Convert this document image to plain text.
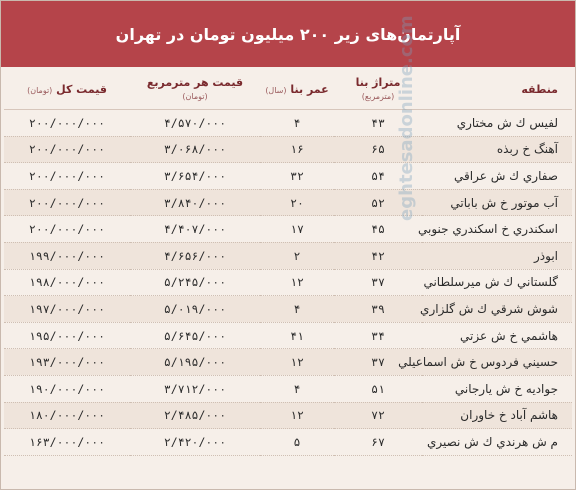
آپارتمان‌های زیر ۲۰۰ میلیون تومان در تهران
منطقه	متراژ بنا (مترمربع)	عمر بنا (سال)	قیمت هر مترمربع (تومان)	قیمت کل (تومان)
لفیس ك ش مختاري	۴۳	۴	۴/۵۷۰/۰۰۰	۲۰۰/۰۰۰/۰۰۰
آهنگ خ ربذه	۶۵	۱۶	۳/۰۶۸/۰۰۰	۲۰۰/۰۰۰/۰۰۰
صفاري ك ش عراقي	۵۴	۳۲	۳/۶۵۴/۰۰۰	۲۰۰/۰۰۰/۰۰۰
آب موتور خ ش باباتي	۵۲	۲۰	۳/۸۴۰/۰۰۰	۲۰۰/۰۰۰/۰۰۰
اسكندري خ اسكندري جنوبي	۴۵	۱۷	۴/۴۰۷/۰۰۰	۲۰۰/۰۰۰/۰۰۰
ابوذر	۴۲	۲	۴/۶۵۶/۰۰۰	۱۹۹/۰۰۰/۰۰۰
گلستاني ك ش ميرسلطاني	۳۷	۱۲	۵/۲۴۵/۰۰۰	۱۹۸/۰۰۰/۰۰۰
شوش شرقي ك ش گلزاري	۳۹	۴	۵/۰۱۹/۰۰۰	۱۹۷/۰۰۰/۰۰۰
هاشمي خ ش عزتي	۳۴	۴۱	۵/۶۴۵/۰۰۰	۱۹۵/۰۰۰/۰۰۰
حسيني فردوس خ ش اسماعيلي	۳۷	۱۲	۵/۱۹۵/۰۰۰	۱۹۳/۰۰۰/۰۰۰
جواديه خ ش يارجاني	۵۱	۴	۳/۷۱۲/۰۰۰	۱۹۰/۰۰۰/۰۰۰
هاشم آباد خ خاوران	۷۲	۱۲	۲/۴۸۵/۰۰۰	۱۸۰/۰۰۰/۰۰۰
م ش هرندي ك ش نصيري	۶۷	۵	۲/۴۲۰/۰۰۰	۱۶۳/۰۰۰/۰۰۰
eghtesadonline.com
